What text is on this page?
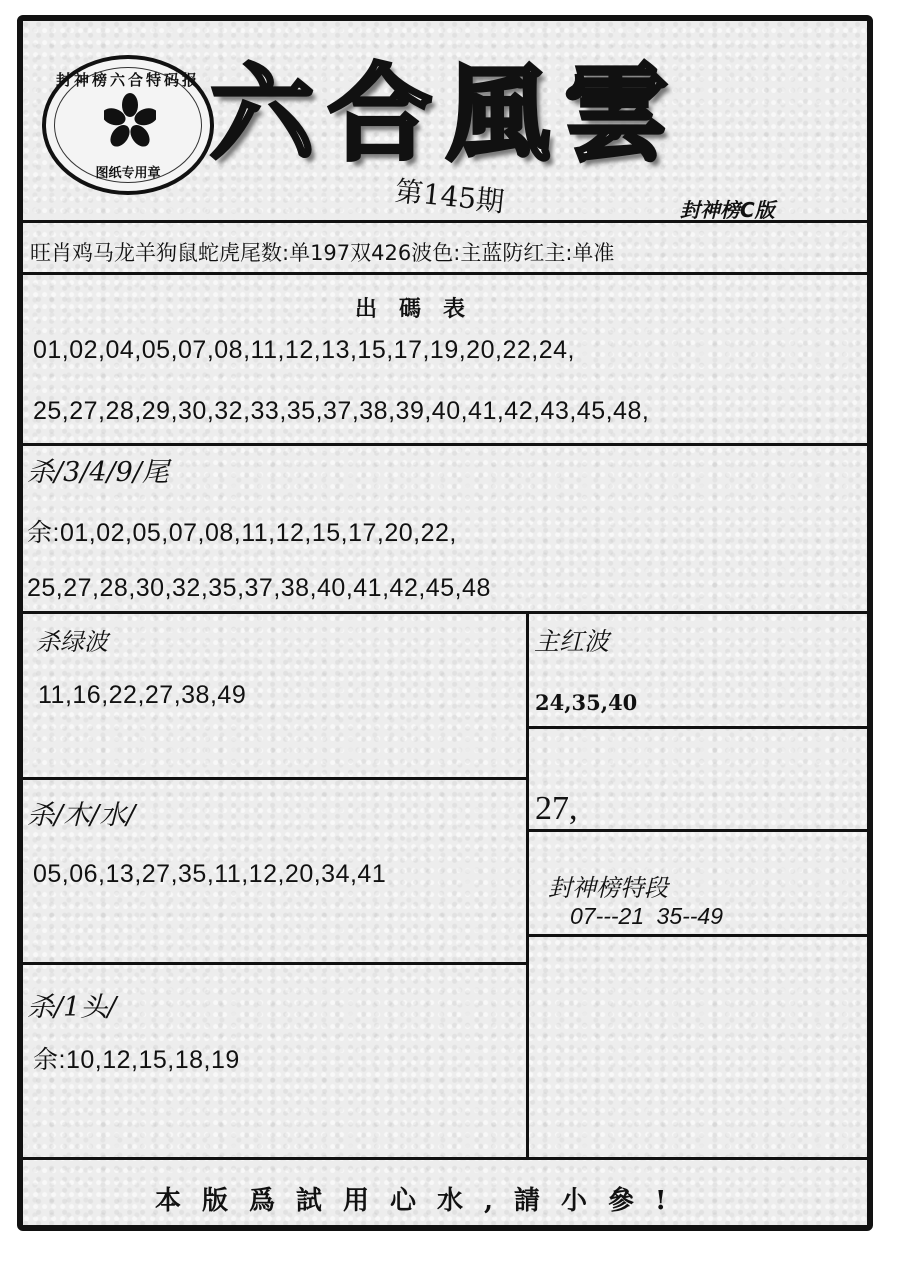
封神榜六合特码报
图纸专用章 六合風雲
第145期	封神榜C版
旺肖鸡马龙羊狗鼠蛇虎尾数:单197双426波色:主蓝防红主:单准
出碼表
01,02,04,05,07,08,11,12,13,15,17,19,20,22,24,
25,27,28,29,30,32,33,35,37,38,39,40,41,42,43,45,48,
杀/3/4/9/尾
余:01,02,05,07,08,11,12,15,17,20,22,
25,27,28,30,32,35,37,38,40,41,42,45,48
杀绿波
11,16,22,27,38,49
主红波
24,35,40
27,
杀/木/水/
05,06,13,27,35,11,12,20,34,41	封神榜特段
07---21 35--49
杀/1头/
余:10,12,15,18,19
本版爲試用心水,請小參!
